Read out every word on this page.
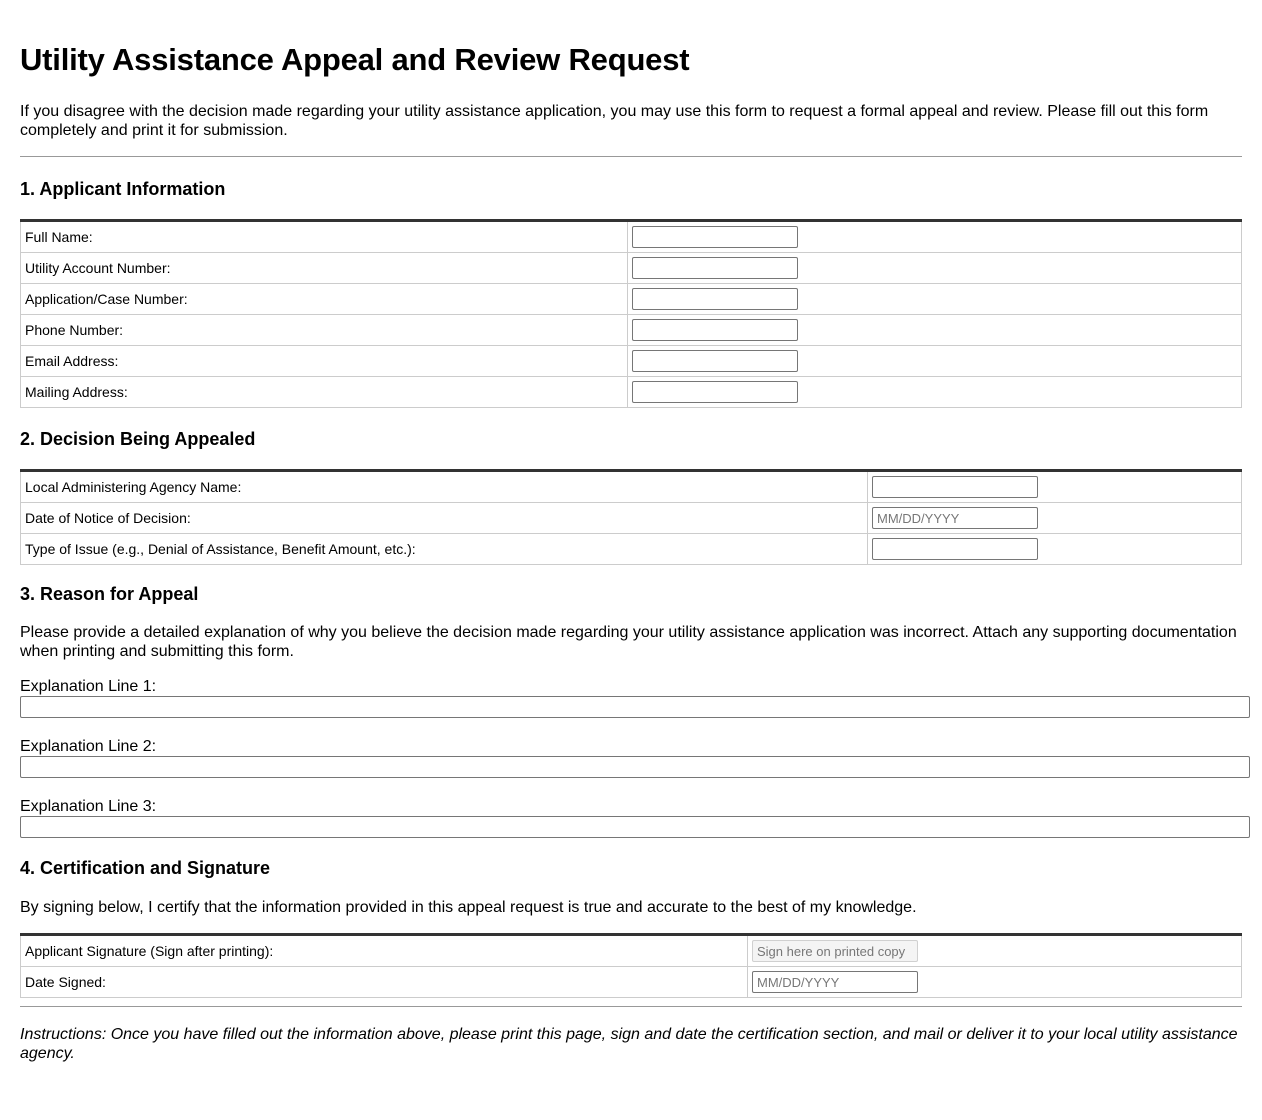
Utility Assistance Appeal and Review Request

If you disagree with the decision made regarding your utility assistance application, you may use this form to request a formal appeal and review. Please fill out this form completely and print it for submission.

1. Applicant Information
Full Name:	
Utility Account Number:	
Application/Case Number:	
Phone Number:	
Email Address:	
Mailing Address:	
2. Decision Being Appealed
Local Administering Agency Name:	
Date of Notice of Decision:	MM/DD/YYYY
Type of Issue (e.g., Denial of Assistance, Benefit Amount, etc.):	
3. Reason for Appeal

Please provide a detailed explanation of why you believe the decision made regarding your utility assistance application was incorrect. Attach any supporting documentation when printing and submitting this form.

Explanation Line 1:
Explanation Line 2:
Explanation Line 3:
4. Certification and Signature

By signing below, I certify that the information provided in this appeal request is true and accurate to the best of my knowledge.

Applicant Signature (Sign after printing):	Sign here on printed copy
Date Signed:	MM/DD/YYYY

Instructions: Once you have filled out the information above, please print this page, sign and date the certification section, and mail or deliver it to your local utility assistance agency.
